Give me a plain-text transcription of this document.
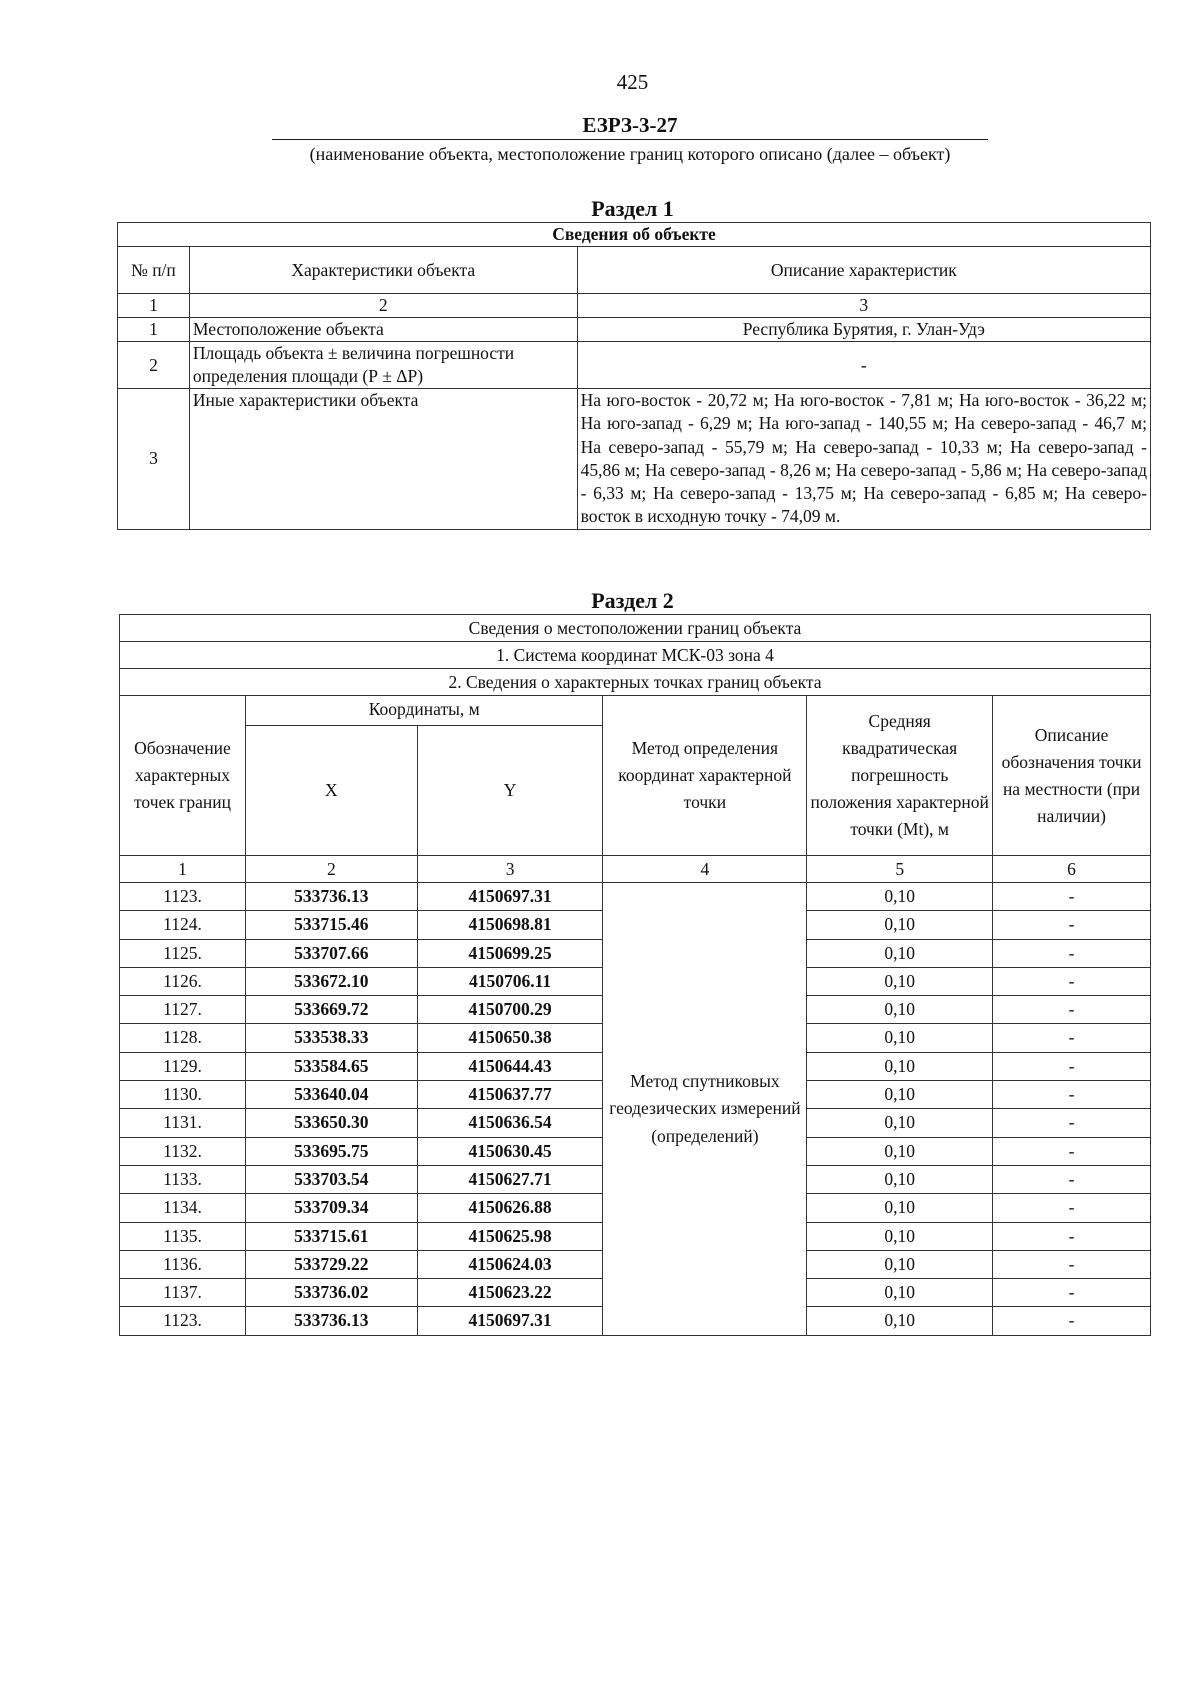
425
ЕЗРЗ-3-27
(наименование объекта, местоположение границ которого описано (далее – объект)
Раздел 1
Сведения об объекте		
№ п/п	Характеристики объекта	Описание характеристик
1	2	3
1	Местоположение объекта	Республика Бурятия, г. Улан-Удэ
2	Площадь объекта ± величина погрешности определения площади (Р ± ΔР)	-
3	Иные характеристики объекта	На юго-восток - 20,72 м; На юго-восток - 7,81 м; На юго-восток - 36,22 м; На юго-запад - 6,29 м; На юго-запад - 140,55 м; На северо-запад - 46,7 м; На северо-запад - 55,79 м; На северо-запад - 10,33 м; На северо-запад - 45,86 м; На северо-запад - 8,26 м; На северо-запад - 5,86 м; На северо-запад - 6,33 м; На северо-запад - 13,75 м; На северо-запад - 6,85 м; На северо-восток в исходную точку - 74,09 м.
Раздел 2
Сведения о местоположении границ объекта					
1. Система координат МСК-03 зона 4					
2. Сведения о характерных точках границ объекта					
Обозначение характерных точек границ	Координаты, м		Метод определения координат характерной точки	Средняя квадратическая погрешность положения характерной точки (Mt), м	Описание обозначения точки на местности (при наличии)
	X	Y			
1	2	3	4	5	6
1123.	533736.13	4150697.31	Метод спутниковых геодезических измерений (определений)	0,10	-
1124.	533715.46	4150698.81		0,10	-
1125.	533707.66	4150699.25		0,10	-
1126.	533672.10	4150706.11		0,10	-
1127.	533669.72	4150700.29		0,10	-
1128.	533538.33	4150650.38		0,10	-
1129.	533584.65	4150644.43		0,10	-
1130.	533640.04	4150637.77		0,10	-
1131.	533650.30	4150636.54		0,10	-
1132.	533695.75	4150630.45		0,10	-
1133.	533703.54	4150627.71		0,10	-
1134.	533709.34	4150626.88		0,10	-
1135.	533715.61	4150625.98		0,10	-
1136.	533729.22	4150624.03		0,10	-
1137.	533736.02	4150623.22		0,10	-
1123.	533736.13	4150697.31		0,10	-
